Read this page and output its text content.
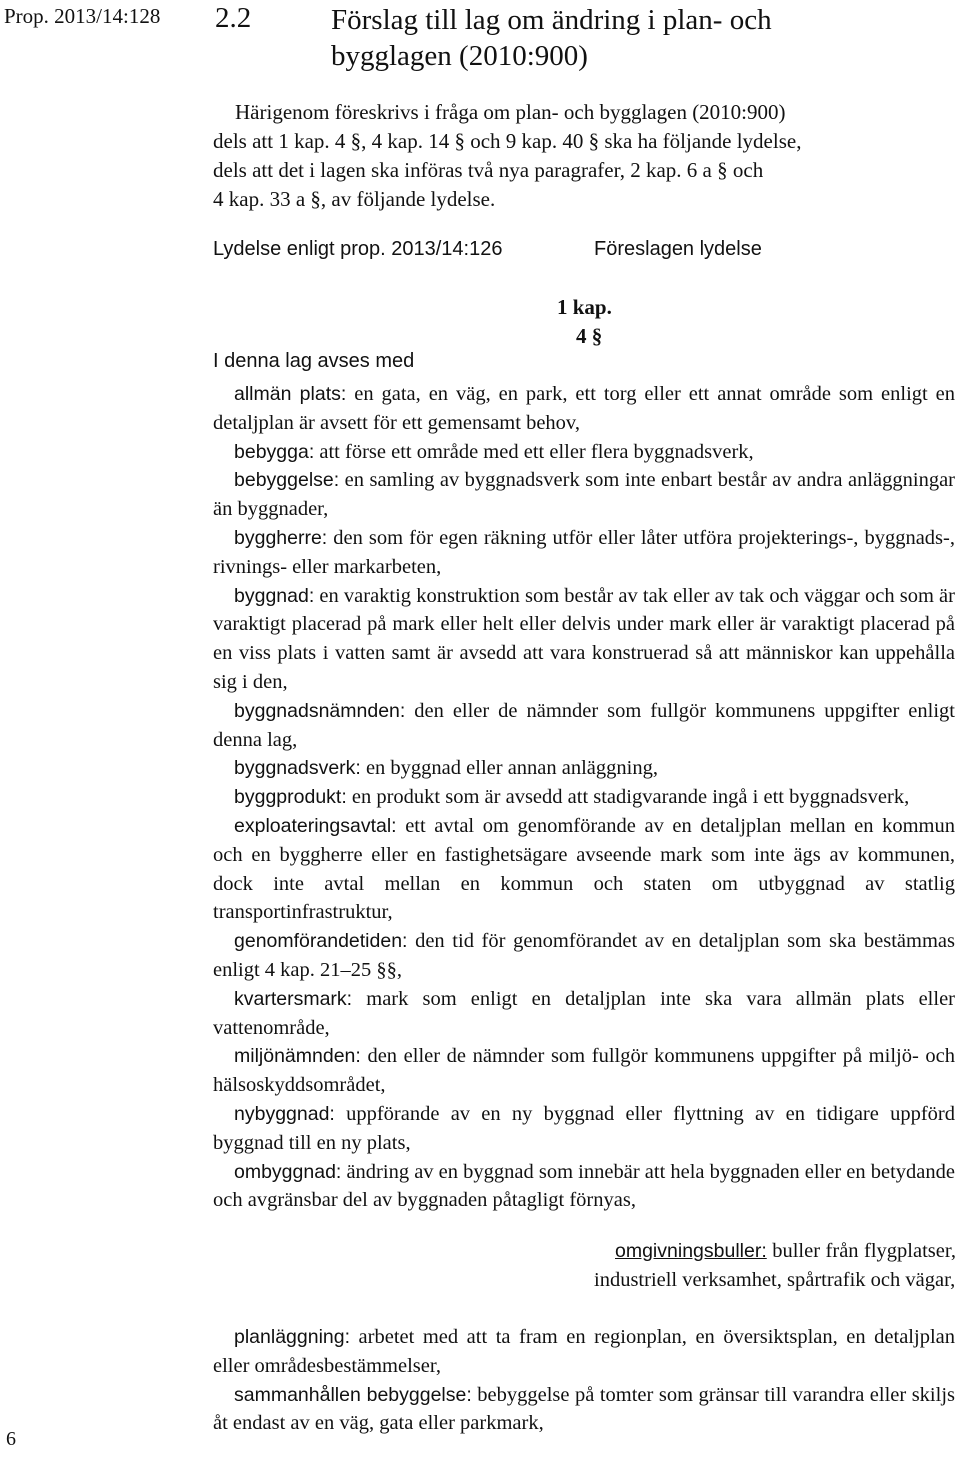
Prop. 2013/14:128 2.2	Förslag till lag om ändring i plan- och bygglagen (2010:900)
Härigenom föreskrivs i fråga om plan- och bygglagen (2010:900)
dels att 1 kap. 4 §, 4 kap. 14 § och 9 kap. 40 § ska ha följande lydelse,
dels att det i lagen ska införas två nya paragrafer, 2 kap. 6 a § och
4 kap. 33 a §, av följande lydelse.
Lydelse enligt prop. 2013/14:126	Föreslagen lydelse
1 kap.
4 §
I denna lag avses med

allmän plats: en gata, en väg, en park, ett torg eller ett annat område som enligt en detaljplan är avsett för ett gemensamt behov,

bebygga: att förse ett område med ett eller flera byggnadsverk,

bebyggelse: en samling av byggnadsverk som inte enbart består av andra anläggningar än byggnader,

byggherre: den som för egen räkning utför eller låter utföra projekterings-, byggnads-, rivnings- eller markarbeten,

byggnad: en varaktig konstruktion som består av tak eller av tak och väggar och som är varaktigt placerad på mark eller helt eller delvis under mark eller är varaktigt placerad på en viss plats i vatten samt är avsedd att vara konstruerad så att människor kan uppehålla sig i den,

byggnadsnämnden: den eller de nämnder som fullgör kommunens uppgifter enligt denna lag,

byggnadsverk: en byggnad eller annan anläggning,

byggprodukt: en produkt som är avsedd att stadigvarande ingå i ett byggnadsverk,

exploateringsavtal: ett avtal om genomförande av en detaljplan mellan en kommun och en byggherre eller en fastighetsägare avseende mark som inte ägs av kommunen, dock inte avtal mellan en kommun och staten om utbyggnad av statlig transportinfrastruktur,

genomförandetiden: den tid för genomförandet av en detaljplan som ska bestämmas enligt 4 kap. 21–25 §§,

kvartersmark: mark som enligt en detaljplan inte ska vara allmän plats eller vattenområde,

miljönämnden: den eller de nämnder som fullgör kommunens uppgifter på miljö- och hälsoskyddsområdet,

nybyggnad: uppförande av en ny byggnad eller flyttning av en tidigare uppförd byggnad till en ny plats,

ombyggnad: ändring av en byggnad som innebär att hela byggnaden eller en betydande och avgränsbar del av byggnaden påtagligt förnyas,

omgivningsbuller: buller från flygplatser, industriell verksamhet, spårtrafik och vägar,

planläggning: arbetet med att ta fram en regionplan, en översiktsplan, en detaljplan eller områdesbestämmelser,

sammanhållen bebyggelse: bebyggelse på tomter som gränsar till varandra eller skiljs åt endast av en väg, gata eller parkmark,

6
